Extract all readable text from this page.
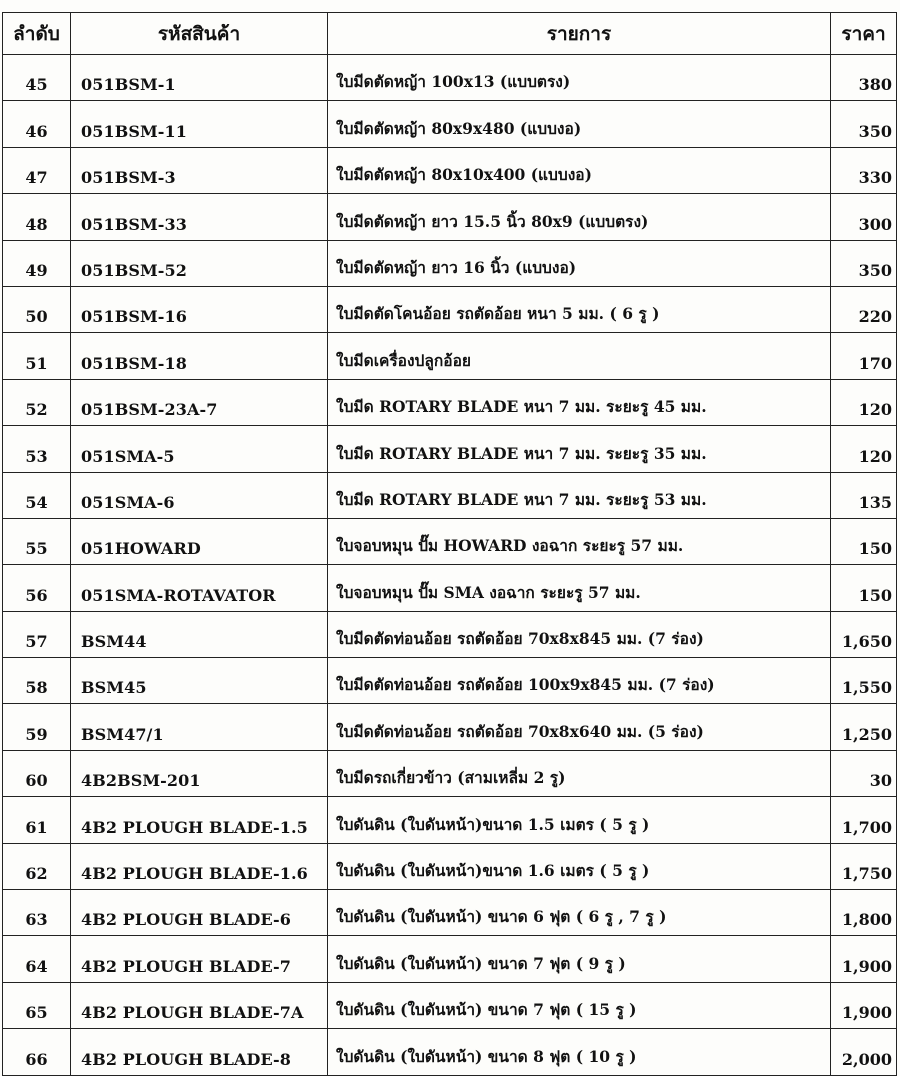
ลำดับ	รหัสสินค้า	รายการ	ราคา
45	051BSM-1	ใบมีดตัดหญ้า 100x13 (แบบตรง)	380
46	051BSM-11	ใบมีดตัดหญ้า 80x9x480 (แบบงอ)	350
47	051BSM-3	ใบมีดตัดหญ้า 80x10x400 (แบบงอ)	330
48	051BSM-33	ใบมีดตัดหญ้า ยาว 15.5 นิ้ว 80x9 (แบบตรง)	300
49	051BSM-52	ใบมีดตัดหญ้า ยาว 16 นิ้ว (แบบงอ)	350
50	051BSM-16	ใบมีดตัดโคนอ้อย รถตัดอ้อย หนา 5 มม. ( 6 รู )	220
51	051BSM-18	ใบมีดเครื่องปลูกอ้อย	170
52	051BSM-23A-7	ใบมีด ROTARY BLADE หนา 7 มม. ระยะรู 45 มม.	120
53	051SMA-5	ใบมีด ROTARY BLADE หนา 7 มม. ระยะรู 35 มม.	120
54	051SMA-6	ใบมีด ROTARY BLADE หนา 7 มม. ระยะรู 53 มม.	135
55	051HOWARD	ใบจอบหมุน ปั๊ม HOWARD งอฉาก ระยะรู 57 มม.	150
56	051SMA-ROTAVATOR	ใบจอบหมุน ปั๊ม SMA งอฉาก ระยะรู 57 มม.	150
57	BSM44	ใบมีดตัดท่อนอ้อย รถตัดอ้อย 70x8x845 มม. (7 ร่อง)	1,650
58	BSM45	ใบมีดตัดท่อนอ้อย รถตัดอ้อย 100x9x845 มม. (7 ร่อง)	1,550
59	BSM47/1	ใบมีดตัดท่อนอ้อย รถตัดอ้อย 70x8x640 มม. (5 ร่อง)	1,250
60	4B2BSM-201	ใบมีดรถเกี่ยวข้าว (สามเหลี่ม 2 รู)	30
61	4B2 PLOUGH BLADE-1.5	ใบดันดิน (ใบดันหน้า)ขนาด 1.5 เมตร ( 5 รู )	1,700
62	4B2 PLOUGH BLADE-1.6	ใบดันดิน (ใบดันหน้า)ขนาด 1.6 เมตร ( 5 รู )	1,750
63	4B2 PLOUGH BLADE-6	ใบดันดิน (ใบดันหน้า) ขนาด 6 ฟุต ( 6 รู , 7 รู )	1,800
64	4B2 PLOUGH BLADE-7	ใบดันดิน (ใบดันหน้า) ขนาด 7 ฟุต ( 9 รู )	1,900
65	4B2 PLOUGH BLADE-7A	ใบดันดิน (ใบดันหน้า) ขนาด 7 ฟุต ( 15 รู )	1,900
66	4B2 PLOUGH BLADE-8	ใบดันดิน (ใบดันหน้า) ขนาด 8 ฟุต ( 10 รู )	2,000
